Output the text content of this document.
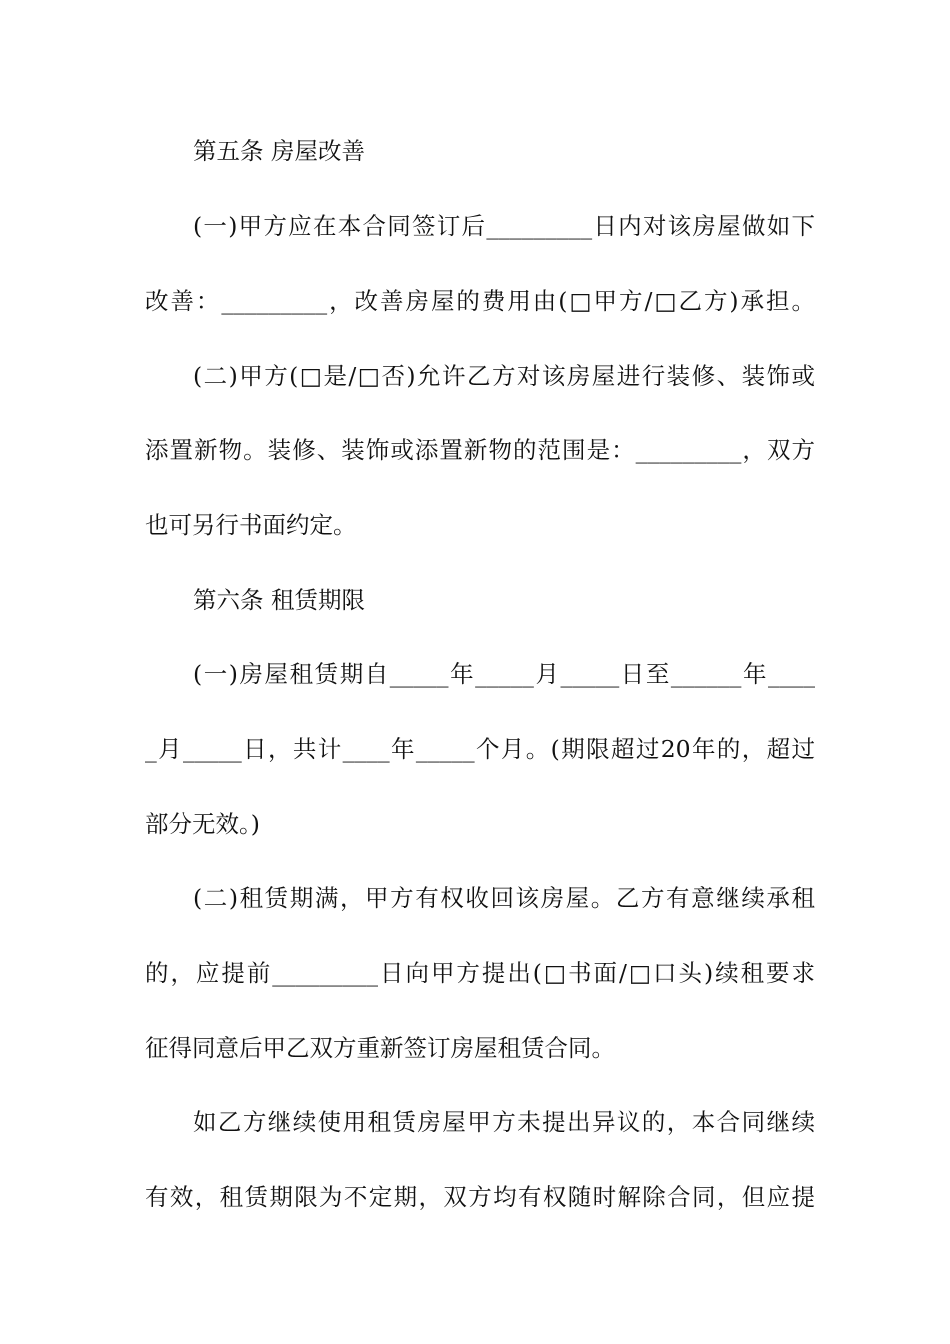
第五条 房屋改善
(一)甲方应在本合同签订后_________日内对该房屋做如下
改善：_________，改善房屋的费用由(□甲方/□乙方)承担。
(二)甲方(□是/□否)允许乙方对该房屋进行装修、装饰或
添置新物。装修、装饰或添置新物的范围是：_________，双方
也可另行书面约定。
第六条 租赁期限
(一)房屋租赁期自_____年_____月_____日至______年____
_月_____日，共计____年_____个月。(期限超过20年的，超过
部分无效。)
(二)租赁期满，甲方有权收回该房屋。乙方有意继续承租
的，应提前_________日向甲方提出(□书面/□口头)续租要求
征得同意后甲乙双方重新签订房屋租赁合同。
如乙方继续使用租赁房屋甲方未提出异议的，本合同继续
有效，租赁期限为不定期，双方均有权随时解除合同，但应提
